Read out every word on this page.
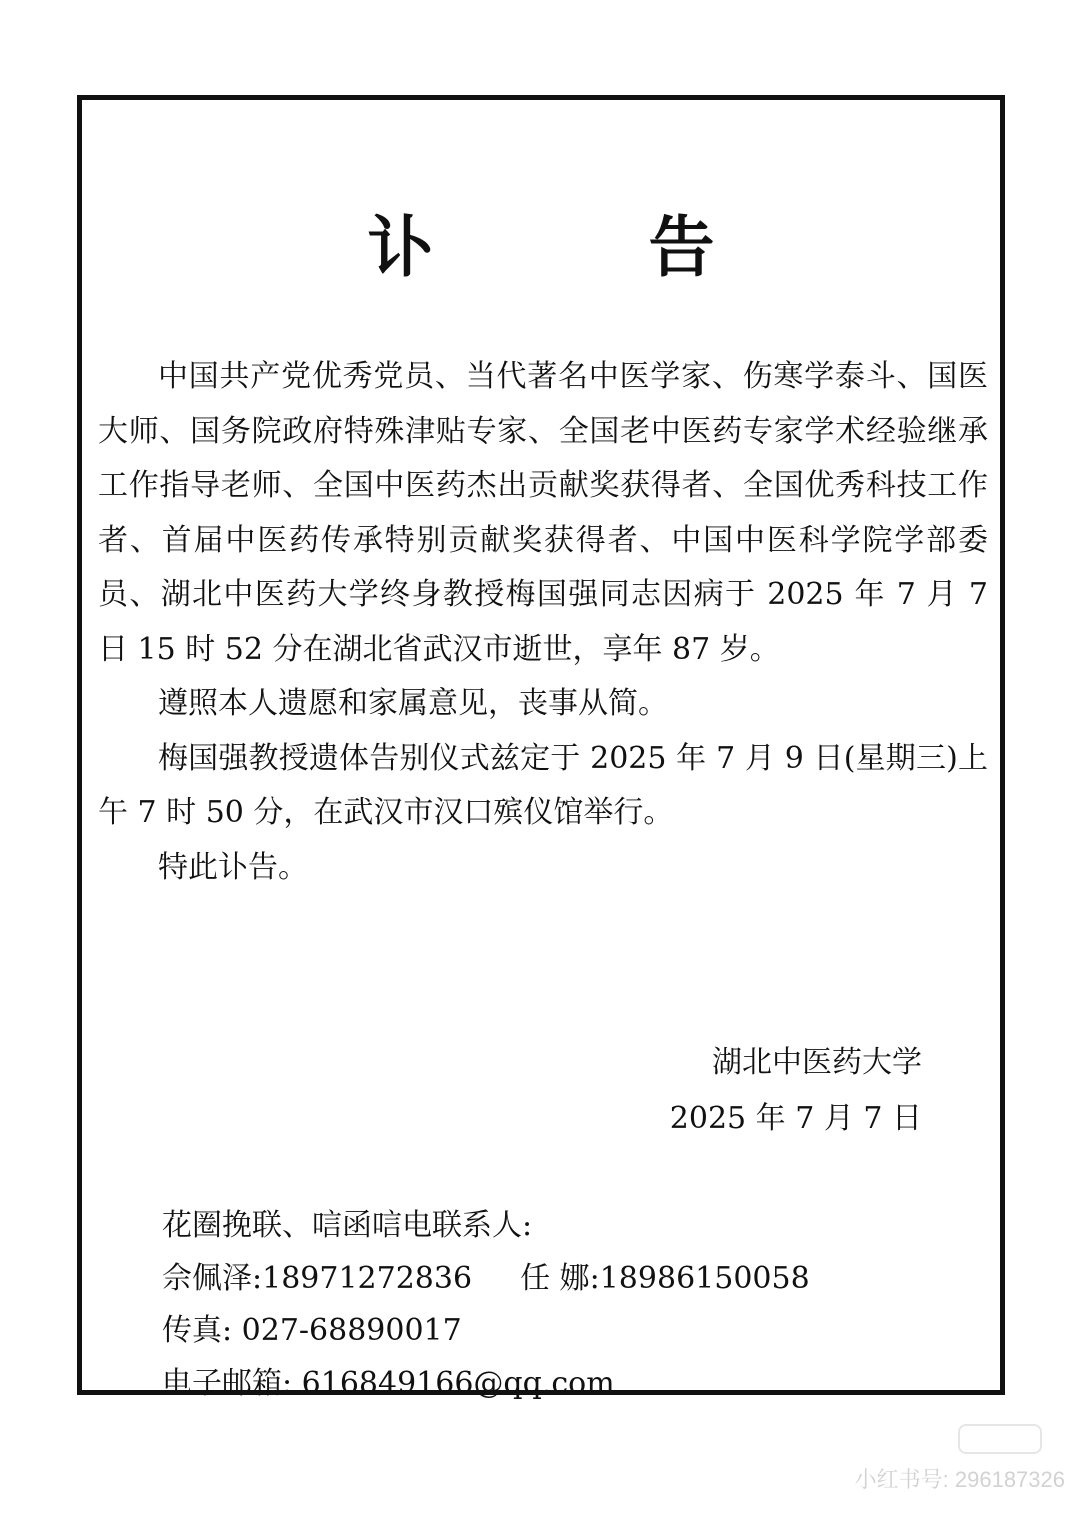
讣 告

中国共产党优秀党员、当代著名中医学家、伤寒学泰斗、国医大师、国务院政府特殊津贴专家、全国老中医药专家学术经验继承工作指导老师、全国中医药杰出贡献奖获得者、全国优秀科技工作者、首届中医药传承特别贡献奖获得者、中国中医科学院学部委员、湖北中医药大学终身教授梅国强同志因病于 2025 年 7 月 7 日 15 时 52 分在湖北省武汉市逝世，享年 87 岁。

遵照本人遗愿和家属意见，丧事从简。

梅国强教授遗体告别仪式兹定于 2025 年 7 月 9 日(星期三)上午 7 时 50 分，在武汉市汉口殡仪馆举行。

特此讣告。

湖北中医药大学
2025 年 7 月 7 日
花圈挽联、唁函唁电联系人:
佘佩泽:18971272836 任 娜:18986150058
传真: 027-68890017
电子邮箱: 616849166@qq.com
小红书号: 296187326
